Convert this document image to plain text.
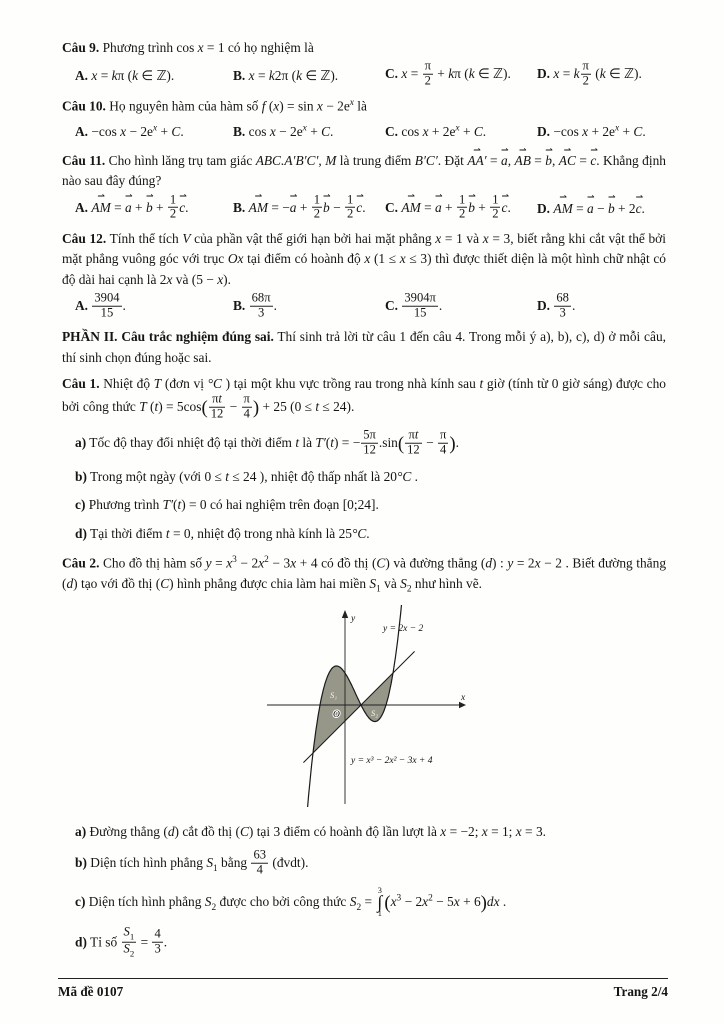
Câu 9. Phương trình cos x = 1 có họ nghiệm là

A. x = kπ (k ∈ ℤ).	B. x = k2π (k ∈ ℤ).	C. $x = \frac{\pi}{2} + k\pi$ (k ∈ ℤ).	D. x = k $\frac{\pi}{2} (k$ ∈ ℤ).

Câu 10. Họ nguyên hàm của hàm số f $(x) = \sin x - 2e^x$ là

A. −cos $x - 2e^x + C$.	B. $\cos x - 2e^x + C$.	C. $\cos x + 2e^x + C$.	D. −cos $x + 2e^x + C$.

Câu 11. Cho hình lăng trụ tam giác ABC.A′B′C′, M là trung điểm B′C′. Đặt AA′ ⇀ = a ⇀, AB ⇀ = b ⇀, AC ⇀ = c ⇀. Khẳng định nào sau đây đúng?

A. AM ⇀ = a ⇀ + b ⇀ + $\frac{1}{2}$ c ⇀.	B. AM ⇀ = −a ⇀ + $\frac{1}{2}$ b ⇀ − $\frac{1}{2}$ c ⇀.	C. AM ⇀ = a ⇀ + $\frac{1}{2}$ b ⇀ + $\frac{1}{2}$ c ⇀.	D. AM ⇀ = a ⇀ − b ⇀ + 2c ⇀.

Câu 12. Tính thể tích V của phần vật thể giới hạn bởi hai mặt phẳng x = 1 và x = 3, biết rằng khi cắt vật thể bởi mặt phẳng vuông góc với trục Ox tại điểm có hoành độ x (1 ≤ x ≤ 3) thì được thiết diện là một hình chữ nhật có độ dài hai cạnh là 2x và (5 − x).

A. $\frac{3904}{15}$ .	B. $\frac{68\pi}{3}$ .	C. $\frac{3904\pi}{15}$ .	D. $\frac{68}{3}$ .

PHẦN II. Câu trắc nghiệm đúng sai. Thí sinh trả lời từ câu 1 đến câu 4. Trong mỗi ý a), b), c), d) ở mỗi câu, thí sinh chọn đúng hoặc sai.

Câu 1. Nhiệt độ T (đơn vị °C ) tại một khu vực trồng rau trong nhà kính sau t giờ (tính từ 0 giờ sáng) được cho bởi công thức T $(t) = 5\cos( \frac{\pi t}{12} - \frac{\pi}{4}$ ) + 25 (0 ≤ t ≤ 24).

a) Tốc độ thay đổi nhiệt độ tại thời điểm t là T′(t) = − $\frac{5\pi}{12} .\sin( \frac{\pi t}{12} - \frac{\pi}{4}$ ).

b) Trong một ngày (với 0 ≤ t ≤ 24 ), nhiệt độ thấp nhất là 20°C .

c) Phương trình T′(t) = 0 có hai nghiệm trên đoạn [0;24].

d) Tại thời điểm t = 0, nhiệt độ trong nhà kính là 25°C.

Câu 2. Cho đồ thị hàm số $y = x^3 - 2x^2 - 3x + 4$ có đồ thị (C) và đường thẳng (d) : y = 2x − 2 . Biết đường thẳng (d) tạo với đồ thị (C) hình phẳng được chia làm hai miền $S_1$ và $S_2$ như hình vẽ.

y
x
O
S₁
S₂
y = 2x − 2
y = x³ − 2x² − 3x + 4

a) Đường thẳng (d) cắt đồ thị (C) tại 3 điểm có hoành độ lần lượt là x = −2; x = 1; x = 3.

b) Diện tích hình phẳng $S_1$ bằng $\frac{63}{4}$ (đvdt).

c) Diện tích hình phẳng $S_2$ được cho bởi công thức $S_2$ =
3
∫
1
$(x^3 - 2x^2 - 5x + 6)dx$ .

d) Tỉ số $\frac{S_1}{S_2} = \frac{4}{3}$ .

Mã đề 0107	Trang 2/4
